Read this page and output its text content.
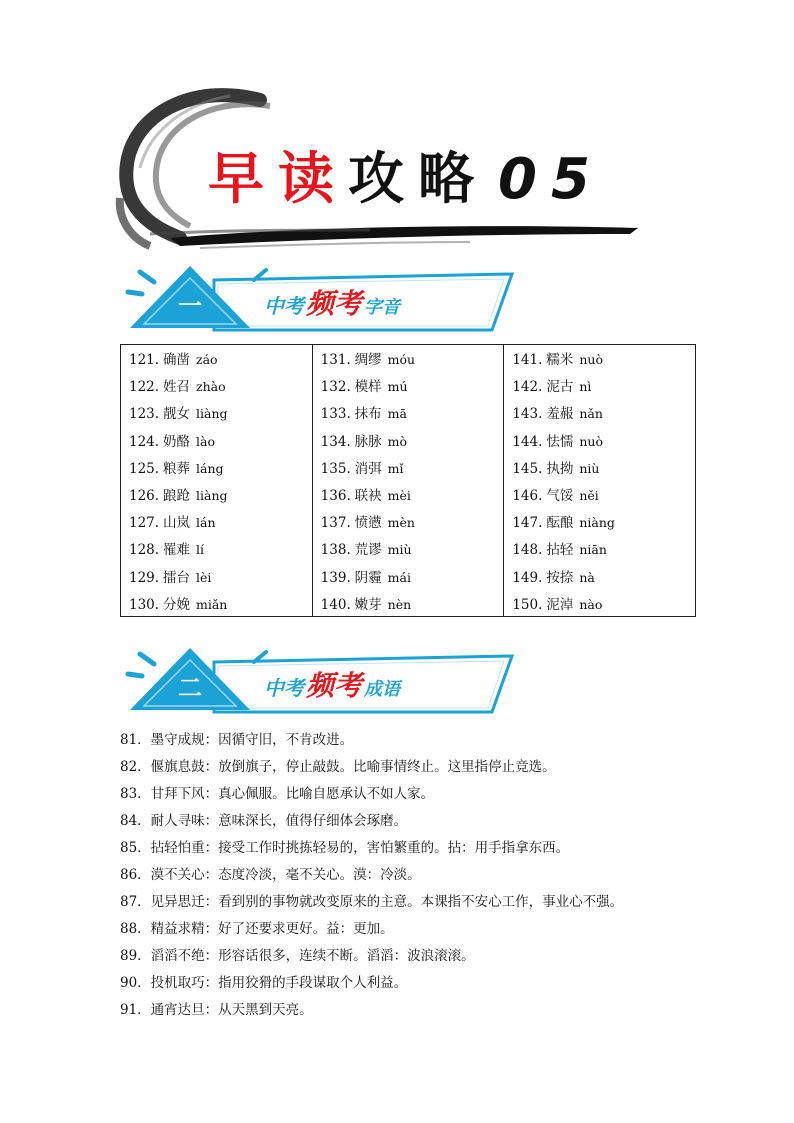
早读攻略 05
一	中考频考 字音
121. 确凿 záo
122. 姓召 zhào
123. 靓女 liàng
124. 奶酪 lào
125. 粮葬 láng
126. 踉跄 liàng
127. 山岚 lán
128. 罹难 lí
129. 擂台 lèi
130. 分娩 miǎn
131. 绸缪 móu
132. 模样 mú
133. 抹布 mā
134. 脉脉 mò
135. 消弭 mǐ
136. 联袂 mèi
137. 愤懑 mèn
138. 荒谬 miù
139. 阴霾 mái
140. 嫩芽 nèn
141. 糯米 nuò
142. 泥古 nì
143. 羞赧 nǎn
144. 怯懦 nuò
145. 执拗 niù
146. 气馁 něi
147. 酝酿 niàng
148. 拈轻 niān
149. 按捺 nà
150. 泥淖 nào
二	中考频考 成语
81．墨守成规：因循守旧，不肯改进。
82．偃旗息鼓：放倒旗子，停止敲鼓。比喻事情终止。这里指停止竞选。
83．甘拜下风：真心佩服。比喻自愿承认不如人家。
84．耐人寻味：意味深长，值得仔细体会琢磨。
85．拈轻怕重：接受工作时挑拣轻易的，害怕繁重的。拈：用手指拿东西。
86．漠不关心：态度冷淡，毫不关心。漠：冷淡。
87．见异思迁：看到别的事物就改变原来的主意。本课指不安心工作，事业心不强。
88．精益求精：好了还要求更好。益：更加。
89．滔滔不绝：形容话很多，连续不断。滔滔：波浪滚滚。
90．投机取巧：指用狡猾的手段谋取个人利益。
91．通宵达旦：从天黑到天亮。
